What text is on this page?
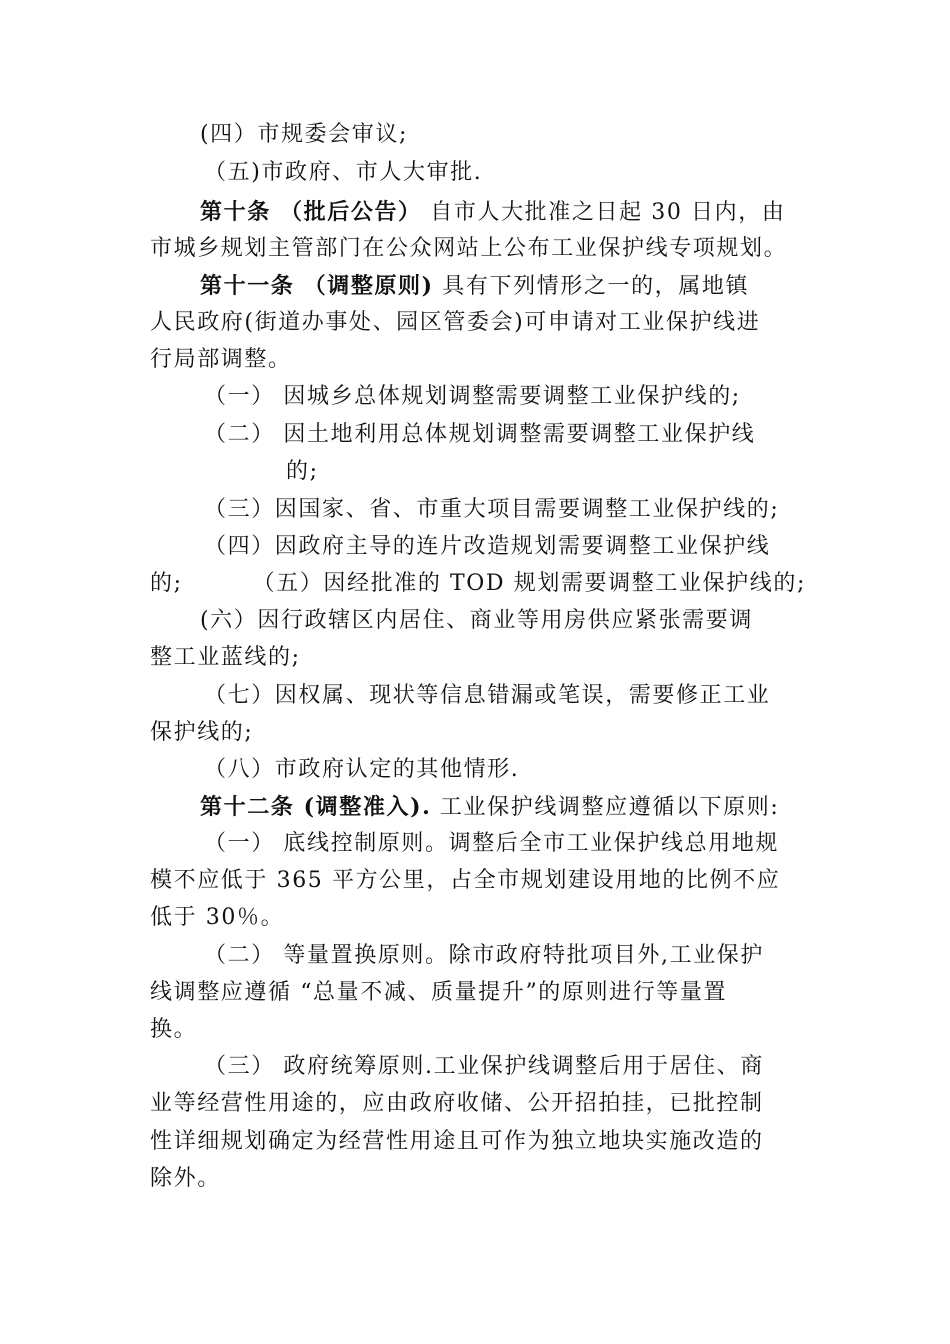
(四）市规委会审议;
（五)市政府、市人大审批.
第十条 （批后公告） 自市人大批准之日起 30 日内，由
市城乡规划主管部门在公众网站上公布工业保护线专项规划。
第十一条 （调整原则) 具有下列情形之一的，属地镇
人民政府(街道办事处、园区管委会)可申请对工业保护线进
行局部调整。
（一） 因城乡总体规划调整需要调整工业保护线的;
（二） 因土地利用总体规划调整需要调整工业保护线
的;
（三）因国家、省、市重大项目需要调整工业保护线的;
（四）因政府主导的连片改造规划需要调整工业保护线
的;	（五）因经批准的 TOD 规划需要调整工业保护线的;
(六）因行政辖区内居住、商业等用房供应紧张需要调
整工业蓝线的;
（七）因权属、现状等信息错漏或笔误，需要修正工业
保护线的;
（八）市政府认定的其他情形.
第十二条 (调整准入). 工业保护线调整应遵循以下原则:
（一） 底线控制原则。调整后全市工业保护线总用地规
模不应低于 365 平方公里，占全市规划建设用地的比例不应
低于 30％。
（二） 等量置换原则。除市政府特批项目外,工业保护
线调整应遵循 “总量不减、质量提升”的原则进行等量置
换。
（三） 政府统筹原则.工业保护线调整后用于居住、商
业等经营性用途的，应由政府收储、公开招拍挂，已批控制
性详细规划确定为经营性用途且可作为独立地块实施改造的
除外。
